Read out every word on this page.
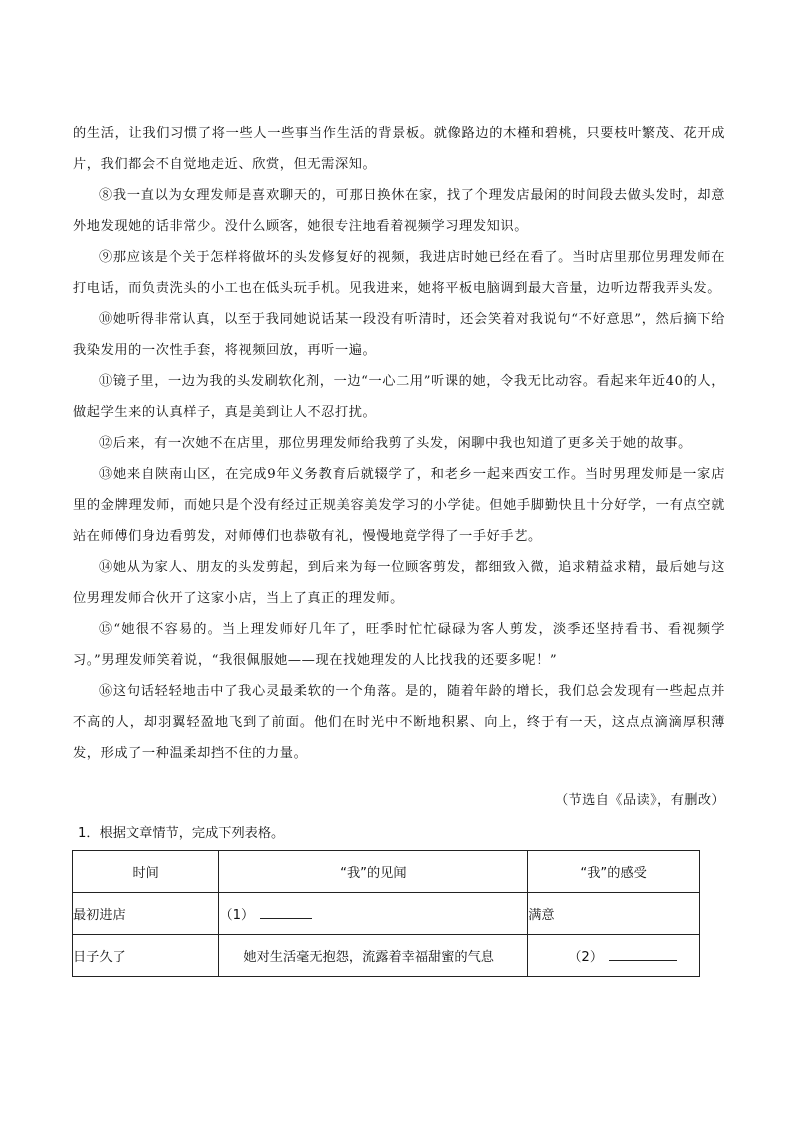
的生活，让我们习惯了将一些人一些事当作生活的背景板。就像路边的木槿和碧桃，只要枝叶繁茂、花开成片，我们都会不自觉地走近、欣赏，但无需深知。

⑧我一直以为女理发师是喜欢聊天的，可那日换休在家，找了个理发店最闲的时间段去做头发时，却意外地发现她的话非常少。没什么顾客，她很专注地看着视频学习理发知识。

⑨那应该是个关于怎样将做坏的头发修复好的视频，我进店时她已经在看了。当时店里那位男理发师在打电话，而负责洗头的小工也在低头玩手机。见我进来，她将平板电脑调到最大音量，边听边帮我弄头发。

⑩她听得非常认真，以至于我同她说话某一段没有听清时，还会笑着对我说句“不好意思”，然后摘下给我染发用的一次性手套，将视频回放，再听一遍。

⑪镜子里，一边为我的头发刷软化剂，一边“一心二用”听课的她，令我无比动容。看起来年近40的人，做起学生来的认真样子，真是美到让人不忍打扰。

⑫后来，有一次她不在店里，那位男理发师给我剪了头发，闲聊中我也知道了更多关于她的故事。

⑬她来自陕南山区，在完成9年义务教育后就辍学了，和老乡一起来西安工作。当时男理发师是一家店里的金牌理发师，而她只是个没有经过正规美容美发学习的小学徒。但她手脚勤快且十分好学，一有点空就站在师傅们身边看剪发，对师傅们也恭敬有礼，慢慢地竟学得了一手好手艺。

⑭她从为家人、朋友的头发剪起，到后来为每一位顾客剪发，都细致入微，追求精益求精，最后她与这位男理发师合伙开了这家小店，当上了真正的理发师。

⑮“她很不容易的。当上理发师好几年了，旺季时忙忙碌碌为客人剪发，淡季还坚持看书、看视频学习。”男理发师笑着说，“我很佩服她——现在找她理发的人比找我的还要多呢！”

⑯这句话轻轻地击中了我心灵最柔软的一个角落。是的，随着年龄的增长，我们总会发现有一些起点并不高的人，却羽翼轻盈地飞到了前面。他们在时光中不断地积累、向上，终于有一天，这点点滴滴厚积薄发，形成了一种温柔却挡不住的力量。

（节选自《品读》，有删改）
1．根据文章情节，完成下列表格。
时间	“我”的见闻	“我”的感受
最初进店	（1）	满意
日子久了	她对生活毫无抱怨，流露着幸福甜蜜的气息	（2）
